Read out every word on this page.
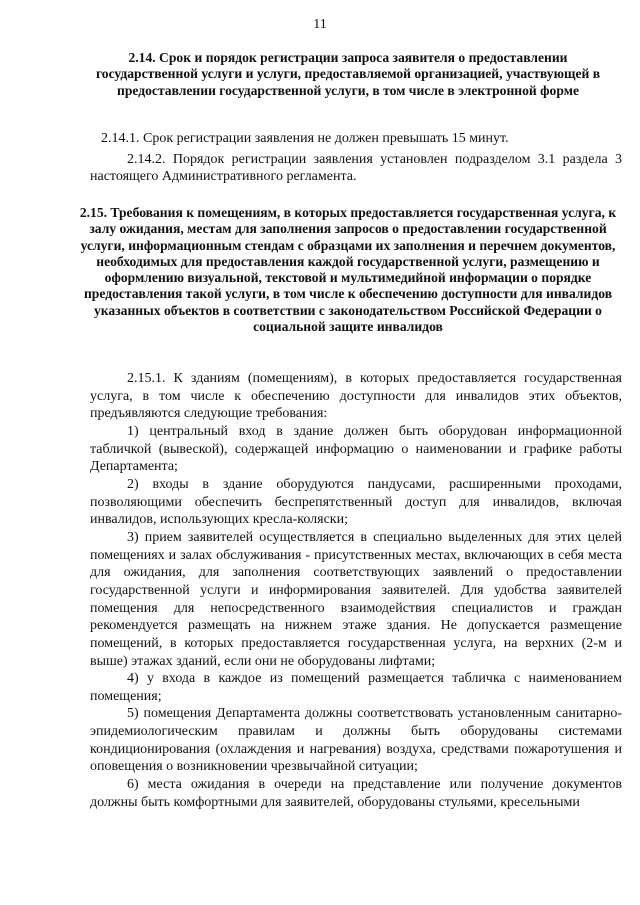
11
2.14. Срок и порядок регистрации запроса заявителя о предоставлении государственной услуги и услуги, предоставляемой организацией, участвующей в предоставлении государственной услуги, в том числе в электронной форме

2.14.1. Срок регистрации заявления не должен превышать 15 минут.

2.14.2. Порядок регистрации заявления установлен подразделом 3.1 раздела 3 настоящего Административного регламента.

2.15. Требования к помещениям, в которых предоставляется государственная услуга, к залу ожидания, местам для заполнения запросов о предоставлении государственной услуги, информационным стендам с образцами их заполнения и перечнем документов, необходимых для предоставления каждой государственной услуги, размещению и оформлению визуальной, текстовой и мультимедийной информации о порядке предоставления такой услуги, в том числе к обеспечению доступности для инвалидов указанных объектов в соответствии с законодательством Российской Федерации о социальной защите инвалидов

2.15.1. К зданиям (помещениям), в которых предоставляется государственная услуга, в том числе к обеспечению доступности для инвалидов этих объектов, предъявляются следующие требования:

1) центральный вход в здание должен быть оборудован информационной табличкой (вывеской), содержащей информацию о наименовании и графике работы Департамента;

2) входы в здание оборудуются пандусами, расширенными проходами, позволяющими обеспечить беспрепятственный доступ для инвалидов, включая инвалидов, использующих кресла-коляски;

3) прием заявителей осуществляется в специально выделенных для этих целей помещениях и залах обслуживания - присутственных местах, включающих в себя места для ожидания, для заполнения соответствующих заявлений о предоставлении государственной услуги и информирования заявителей. Для удобства заявителей помещения для непосредственного взаимодействия специалистов и граждан рекомендуется размещать на нижнем этаже здания. Не допускается размещение помещений, в которых предоставляется государственная услуга, на верхних (2-м и выше) этажах зданий, если они не оборудованы лифтами;

4) у входа в каждое из помещений размещается табличка с наименованием помещения;

5) помещения Департамента должны соответствовать установленным санитарно-эпидемиологическим правилам и должны быть оборудованы системами кондиционирования (охлаждения и нагревания) воздуха, средствами пожаротушения и оповещения о возникновении чрезвычайной ситуации;

6) места ожидания в очереди на представление или получение документов должны быть комфортными для заявителей, оборудованы стульями, кресельными
